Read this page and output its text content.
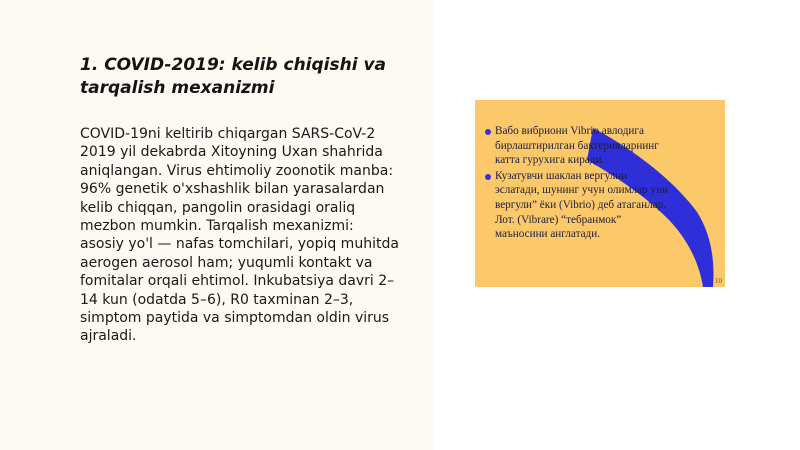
1. COVID-2019: kelib chiqishi va
tarqalish mexanizmi
COVID-19ni keltirib chiqargan SARS-CoV-2
2019 yil dekabrda Xitoyning Uxan shahrida
aniqlangan. Virus ehtimoliy zoonotik manba:
96% genetik o'xshashlik bilan yarasalardan
kelib chiqqan, pangolin orasidagi oraliq
mezbon mumkin. Tarqalish mexanizmi:
asosiy yo'l — nafas tomchilari, yopiq muhitda
aerogen aerosol ham; yuqumli kontakt va
fomitalar orqali ehtimol. Inkubatsiya davri 2–
14 kun (odatda 5–6), R0 taxminan 2–3,
simptom paytida va simptomdan oldin virus
ajraladi.
Вабо вибриони Vibrio авлодига
бирлаштирилган бактерияларнинг
катта гурухига киради.
Кузатувчи шаклан вергулни
эслатади, шунинг учун олимлар уни
вергули” ёки (Vibrio) деб атаганлар.
Лот. (Vibrare) “тебранмок”
маъносини англатади.
10
